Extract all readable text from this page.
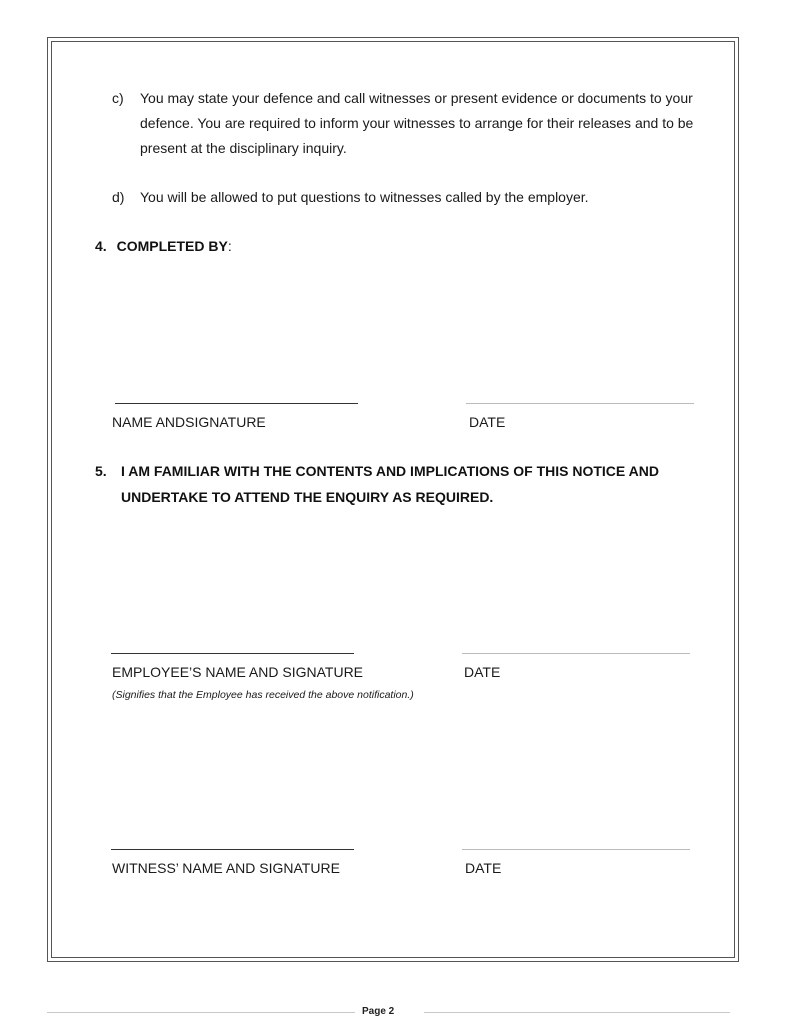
c) You may state your defence and call witnesses or present evidence or documents to your defence. You are required to inform your witnesses to arrange for their releases and to be present at the disciplinary inquiry.
d) You will be allowed to put questions to witnesses called by the employer.
4. COMPLETED BY:
NAME ANDSIGNATURE	DATE
5. I AM FAMILIAR WITH THE CONTENTS AND IMPLICATIONS OF THIS NOTICE AND
UNDERTAKE TO ATTEND THE ENQUIRY AS REQUIRED.
EMPLOYEE’S NAME AND SIGNATURE	DATE
(Signifies that the Employee has received the above notification.)
WITNESS’ NAME AND SIGNATURE	DATE
Page 2
